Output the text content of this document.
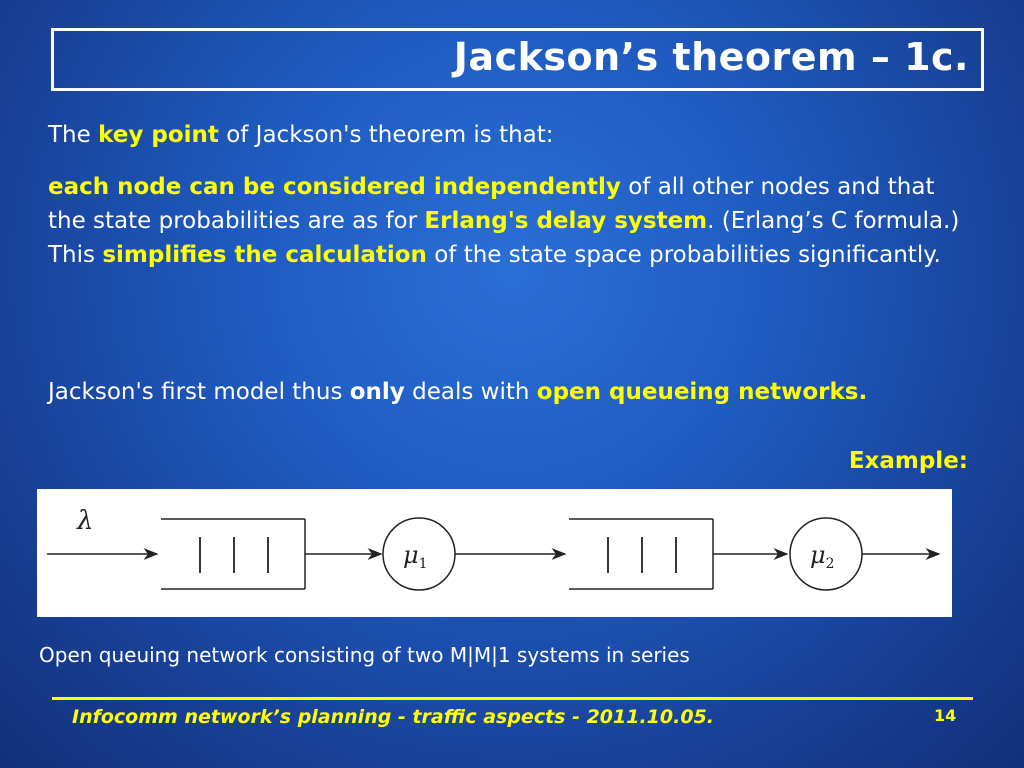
Jackson’s theorem – 1c.
The key point of Jackson's theorem is that:
each node can be considered independently of all other nodes and that the state probabilities are as for Erlang's delay system. (Erlang’s C formula.) This simplifies the calculation of the state space probabilities significantly.
Jackson's first model thus only deals with open queueing networks.
Example:
λ
$\mu_1$	$\mu_2$
Open queuing network consisting of two M|M|1 systems in series
Infocomm network’s planning - traffic aspects - 2011.10.05.	14
